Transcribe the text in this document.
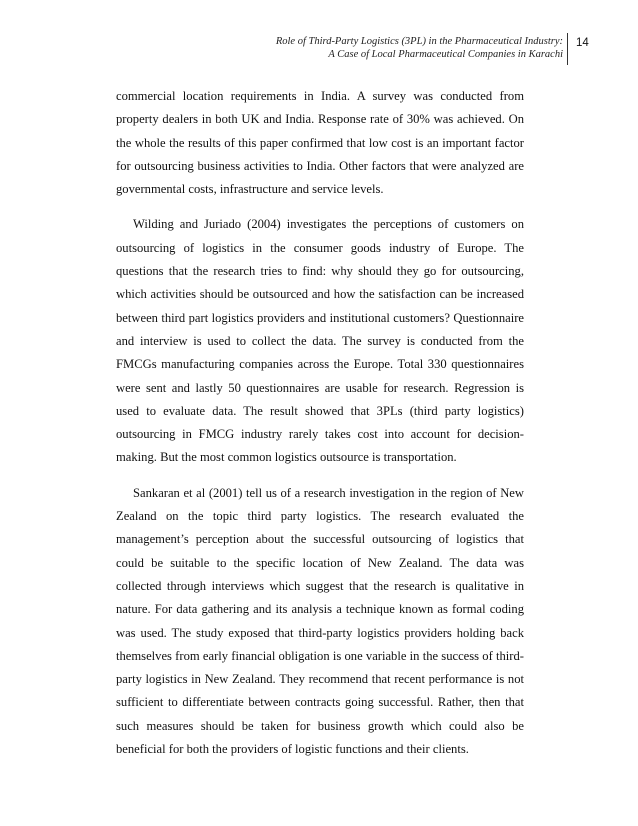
Role of Third-Party Logistics (3PL) in the Pharmaceutical Industry:
A Case of Local Pharmaceutical Companies in Karachi
14

commercial location requirements in India. A survey was conducted from property dealers in both UK and India. Response rate of 30% was achieved. On the whole the results of this paper confirmed that low cost is an important factor for outsourcing business activities to India. Other factors that were analyzed are governmental costs, infrastructure and service levels.

Wilding and Juriado (2004) investigates the perceptions of customers on outsourcing of logistics in the consumer goods industry of Europe. The questions that the research tries to find: why should they go for outsourcing, which activities should be outsourced and how the satisfaction can be increased between third part logistics providers and institutional customers? Questionnaire and interview is used to collect the data. The survey is conducted from the FMCGs manufacturing companies across the Europe. Total 330 questionnaires were sent and lastly 50 questionnaires are usable for research. Regression is used to evaluate data. The result showed that 3PLs (third party logistics) outsourcing in FMCG industry rarely takes cost into account for decision-making. But the most common logistics outsource is transportation.

Sankaran et al (2001) tell us of a research investigation in the region of New Zealand on the topic third party logistics. The research evaluated the management’s perception about the successful outsourcing of logistics that could be suitable to the specific location of New Zealand. The data was collected through interviews which suggest that the research is qualitative in nature. For data gathering and its analysis a technique known as formal coding was used. The study exposed that third-party logistics providers holding back themselves from early financial obligation is one variable in the success of third-party logistics in New Zealand. They recommend that recent performance is not sufficient to differentiate between contracts going successful. Rather, then that such measures should be taken for business growth which could also be beneficial for both the providers of logistic functions and their clients.
